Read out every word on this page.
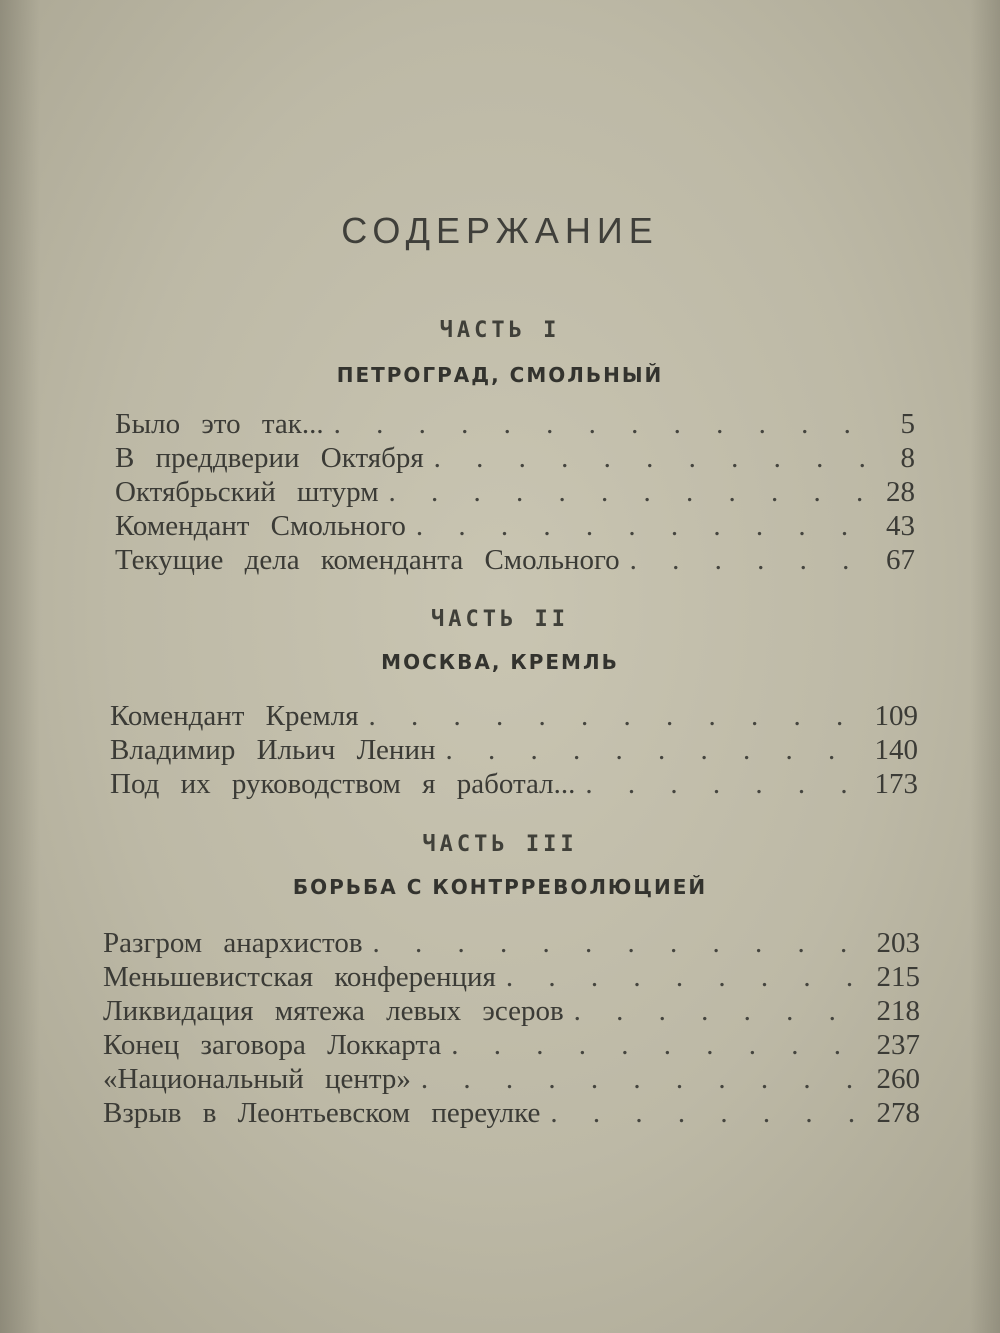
СОДЕРЖАНИЕ
ЧАСТЬ I
ПЕТРОГРАД, СМОЛЬНЫЙ
Было это так... . . .	5
В преддверии Октября . . .	8
Октябрьский штурм . . .	28
Комендант Смольного . . .	43
Текущие дела коменданта Смольного . . .	67
ЧАСТЬ II
МОСКВА, КРЕМЛЬ
Комендант Кремля . . .	109
Владимир Ильич Ленин . . .	140
Под их руководством я работал... . . .	173
ЧАСТЬ III
БОРЬБА С КОНТРРЕВОЛЮЦИЕЙ
Разгром анархистов . . .	203
Меньшевистская конференция . . .	215
Ликвидация мятежа левых эсеров . . .	218
Конец заговора Локкарта . . .	237
«Национальный центр» . . .	260
Взрыв в Леонтьевском переулке . . .	278
